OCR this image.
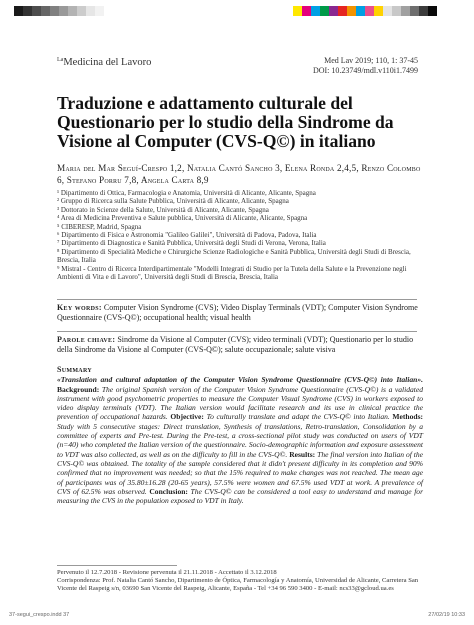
$^{La}$Medicina del Lavoro	Med Lav 2019; 110, 1: 37-45
DOI: 10.23749/mdl.v110i1.7499
Traduzione e adattamento culturale del Questionario per lo studio della Sindrome da Visione al Computer (CVS-Q©) in italiano
Maria del Mar Seguí-Crespo 1,2, Natalia Cantó Sancho 3, Elena Ronda 2,4,5, Renzo Colombo 6, Stefano Porru 7,8, Angela Carta 8,9
¹ Dipartimento di Ottica, Farmacologia e Anatomia, Università di Alicante, Alicante, Spagna
² Gruppo di Ricerca sulla Salute Pubblica, Università di Alicante, Alicante, Spagna
³ Dottorato in Scienze della Salute, Università di Alicante, Alicante, Spagna
⁴ Area di Medicina Preventiva e Salute pubblica, Università di Alicante, Alicante, Spagna
⁵ CIBERESP, Madrid, Spagna
⁶ Dipartimento di Fisica e Astronomia "Galileo Galilei", Università di Padova, Padova, Italia
⁷ Dipartimento di Diagnostica e Sanità Pubblica, Università degli Studi di Verona, Verona, Italia
⁸ Dipartimento di Specialità Mediche e Chirurgiche Scienze Radiologiche e Sanità Pubblica, Università degli Studi di Brescia, Brescia, Italia
⁹ Mistral - Centro di Ricerca Interdipartimentale "Modelli Integrati di Studio per la Tutela della Salute e la Prevenzione negli Ambienti di Vita e di Lavoro", Università degli Studi di Brescia, Brescia, Italia
Key words: Computer Vision Syndrome (CVS); Video Display Terminals (VDT); Computer Vision Syndrome Questionnaire (CVS-Q©); occupational health; visual health
Parole chiave: Sindrome da Visione al Computer (CVS); video terminali (VDT); Questionario per lo studio della Sindrome da Visione al Computer (CVS-Q©); salute occupazionale; salute visiva
Summary

«Translation and cultural adaptation of the Computer Vision Syndrome Questionnaire (CVS-Q©) into Italian». Background: The original Spanish version of the Computer Vision Syndrome Questionnaire (CVS-Q©) is a validated instrument with good psychometric properties to measure the Computer Visual Syndrome (CVS) in workers exposed to video display terminals (VDT). The Italian version would facilitate research and its use in clinical practice the prevention of occupational hazards. Objective: To culturally translate and adapt the CVS-Q© into Italian. Methods: Study with 5 consecutive stages: Direct translation, Synthesis of translations, Retro-translation, Consolidation by a committee of experts and Pre-test. During the Pre-test, a cross-sectional pilot study was conducted on users of VDT (n=40) who completed the Italian version of the questionnaire. Socio-demographic information and exposure assessment to VDT was also collected, as well as on the difficulty to fill in the CVS-Q©. Results: The final version into Italian of the CVS-Q© was obtained. The totality of the sample considered that it didn't present difficulty in its completion and 90% confirmed that no improvement was needed; so that the 15% required to make changes was not reached. The mean age of participants was of 35.80±16.28 (20-65 years), 57.5% were women and 67.5% used VDT at work. A prevalence of CVS of 62.5% was observed. Conclusion: The CVS-Q© can be considered a tool easy to understand and manage for measuring the CVS in the population exposed to VDT in Italy.

Pervenuto il 12.7.2018 - Revisione pervenuta il 21.11.2018 - Accettato il 3.12.2018
Corrispondenza: Prof. Natalia Cantó Sancho, Dipartimento de Óptica, Farmacología y Anatomía, Universidad de Alicante, Carretera San Vicente del Raspeig s/n, 03690 San Vicente del Raspeig, Alicante, España - Tel +34 96 590 3400 - E-mail: ncs33@gcloud.ua.es
37-segui_crespo.indd 37	27/02/19 10:33
